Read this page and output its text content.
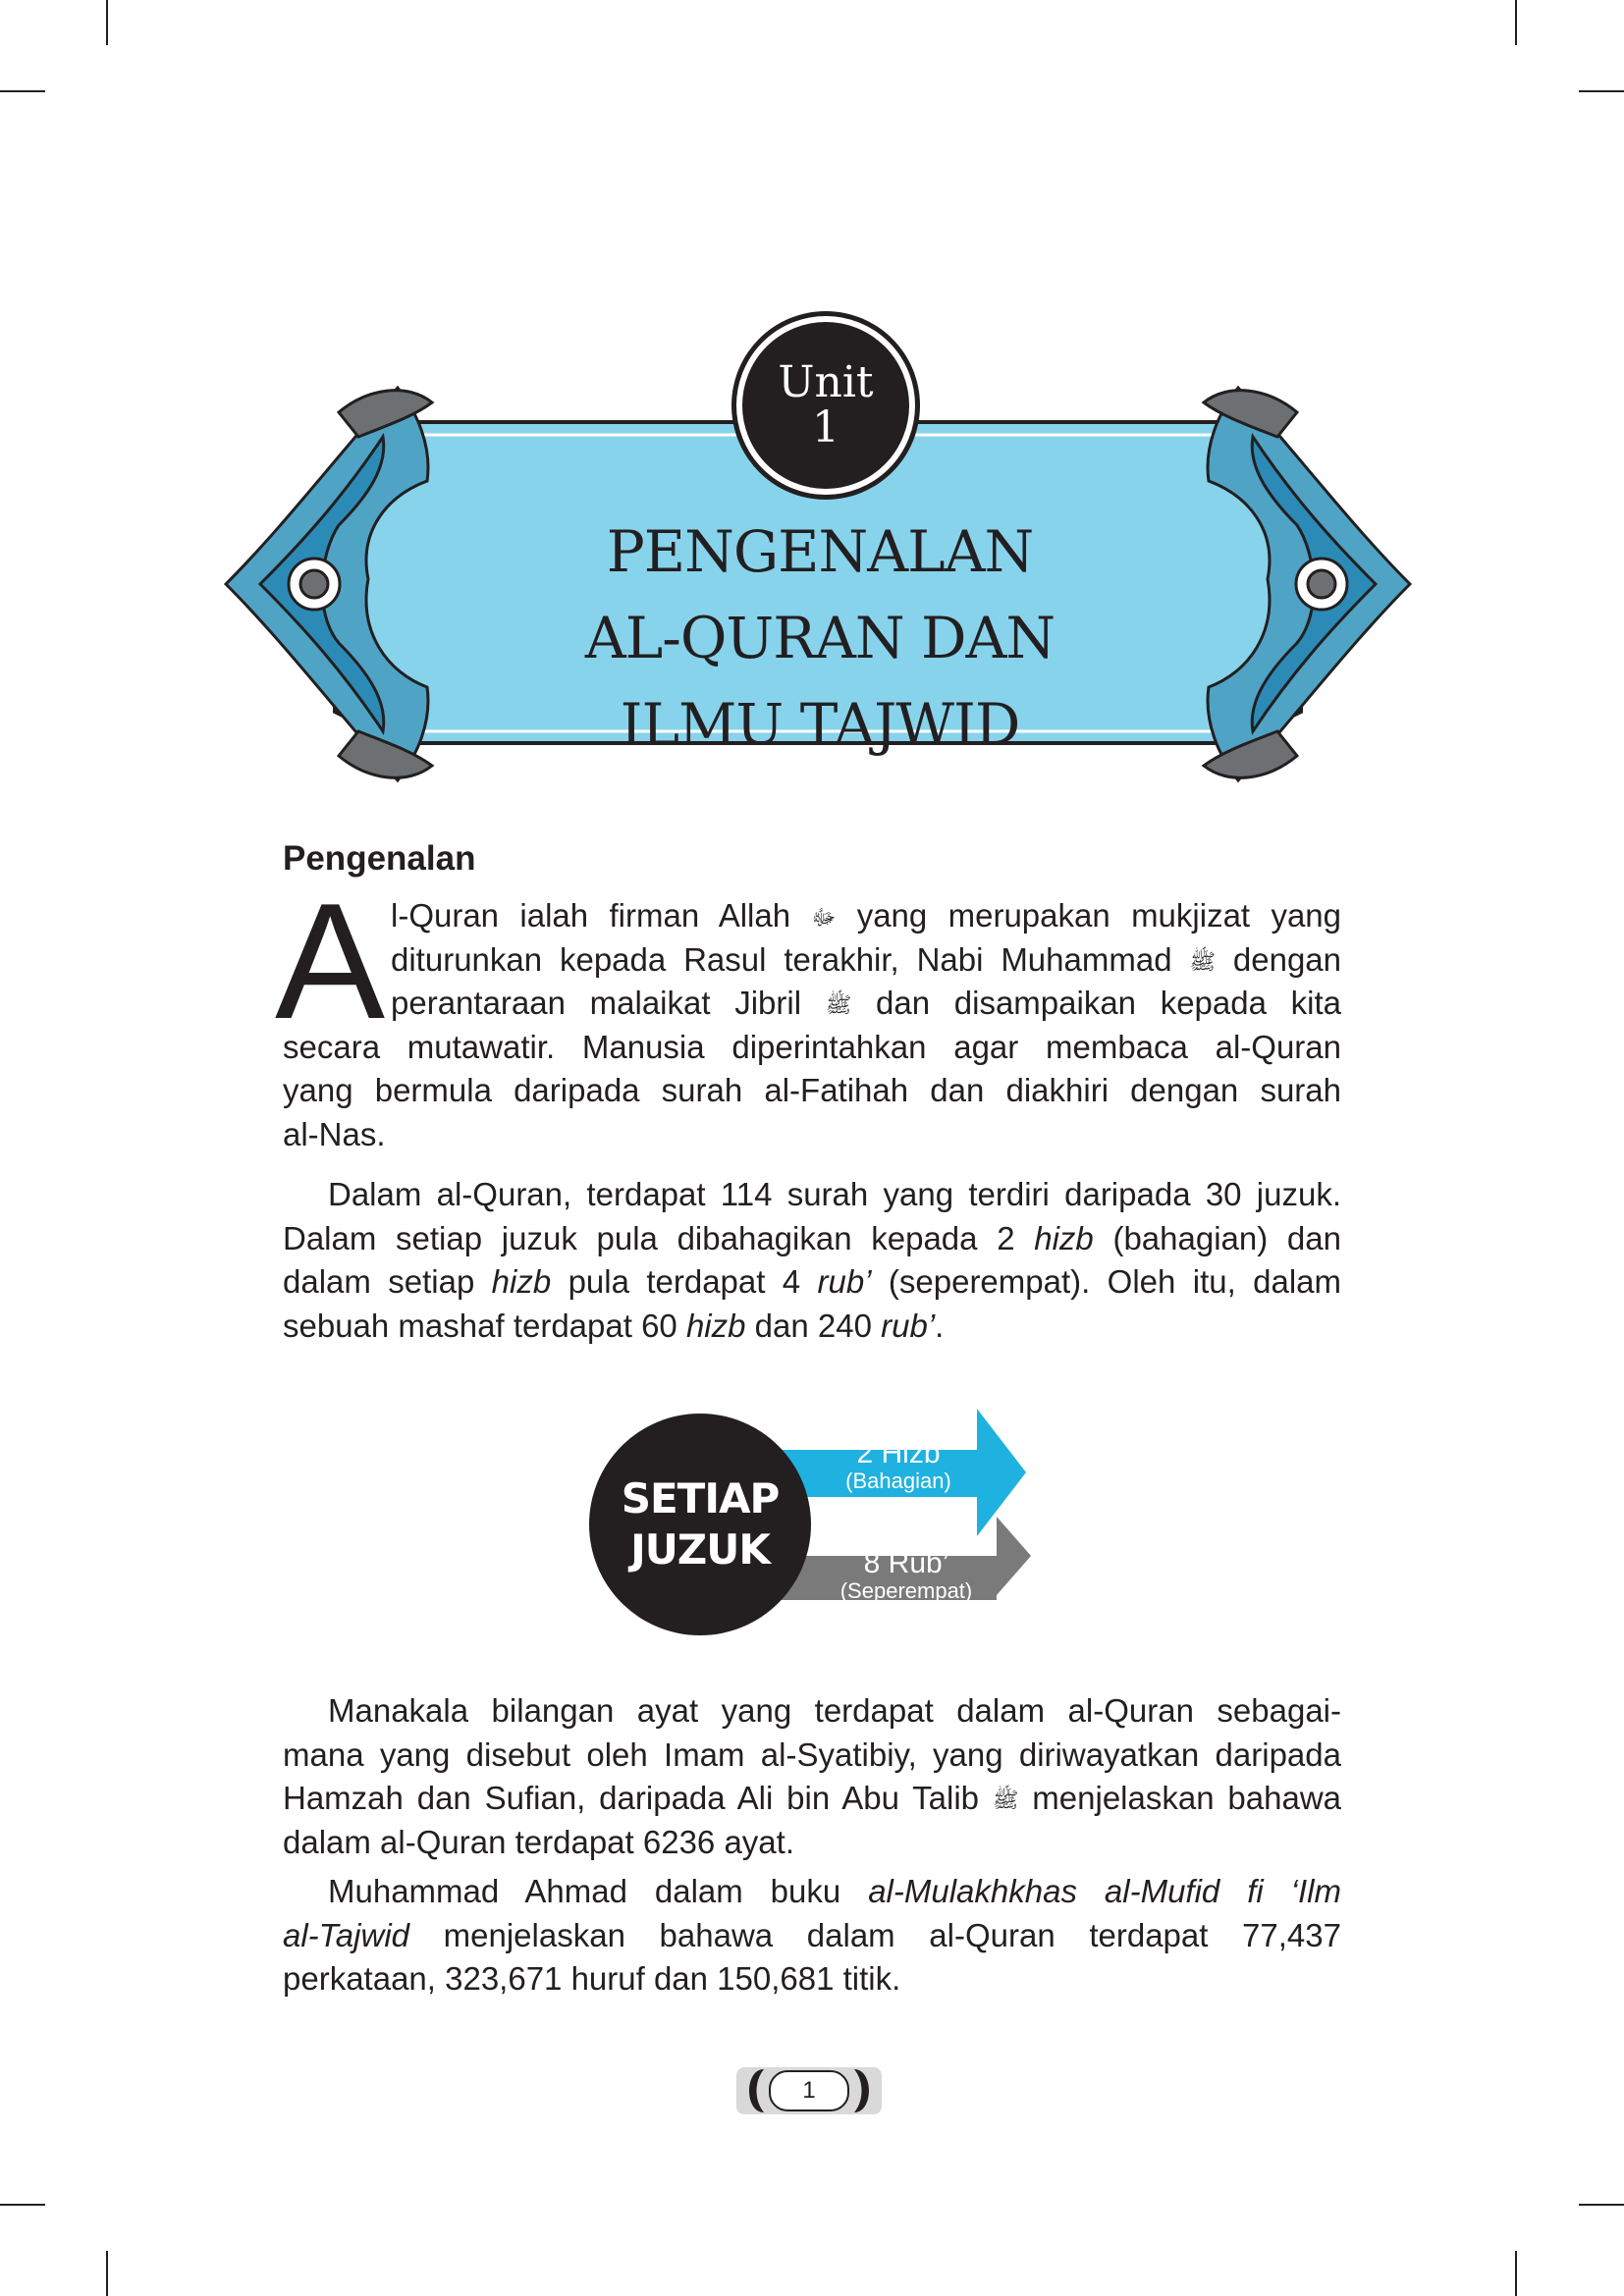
Unit
1
PENGENALAN
AL-QURAN DAN
ILMU TAJWID
Pengenalan
A l-Quran ialah firman Allah ﷻ yang merupakan mukjizat yang
diturunkan kepada Rasul terakhir, Nabi Muhammad ﷺ dengan
perantaraan malaikat Jibril ﷺ dan disampaikan kepada kita
secara mutawatir. Manusia diperintahkan agar membaca al-Quran
yang bermula daripada surah al-Fatihah dan diakhiri dengan surah
al-Nas.
Dalam al-Quran, terdapat 114 surah yang terdiri daripada 30 juzuk.
Dalam setiap juzuk pula dibahagikan kepada 2 hizb (bahagian) dan
dalam setiap hizb pula terdapat 4 rub’ (seperempat). Oleh itu, dalam
sebuah mashaf terdapat 60 hizb dan 240 rub’.
SETIAP
JUZUK
2 Hizb
(Bahagian)
8 Rub’
(Seperempat)
Manakala bilangan ayat yang terdapat dalam al-Quran sebagai-
mana yang disebut oleh Imam al-Syatibiy, yang diriwayatkan daripada
Hamzah dan Sufian, daripada Ali bin Abu Talib ﷺ menjelaskan bahawa
dalam al-Quran terdapat 6236 ayat.
Muhammad Ahmad dalam buku al-Mulakhkhas al-Mufid fi ‘Ilm
al-Tajwid menjelaskan bahawa dalam al-Quran terdapat 77,437
perkataan, 323,671 huruf dan 150,681 titik.
1
